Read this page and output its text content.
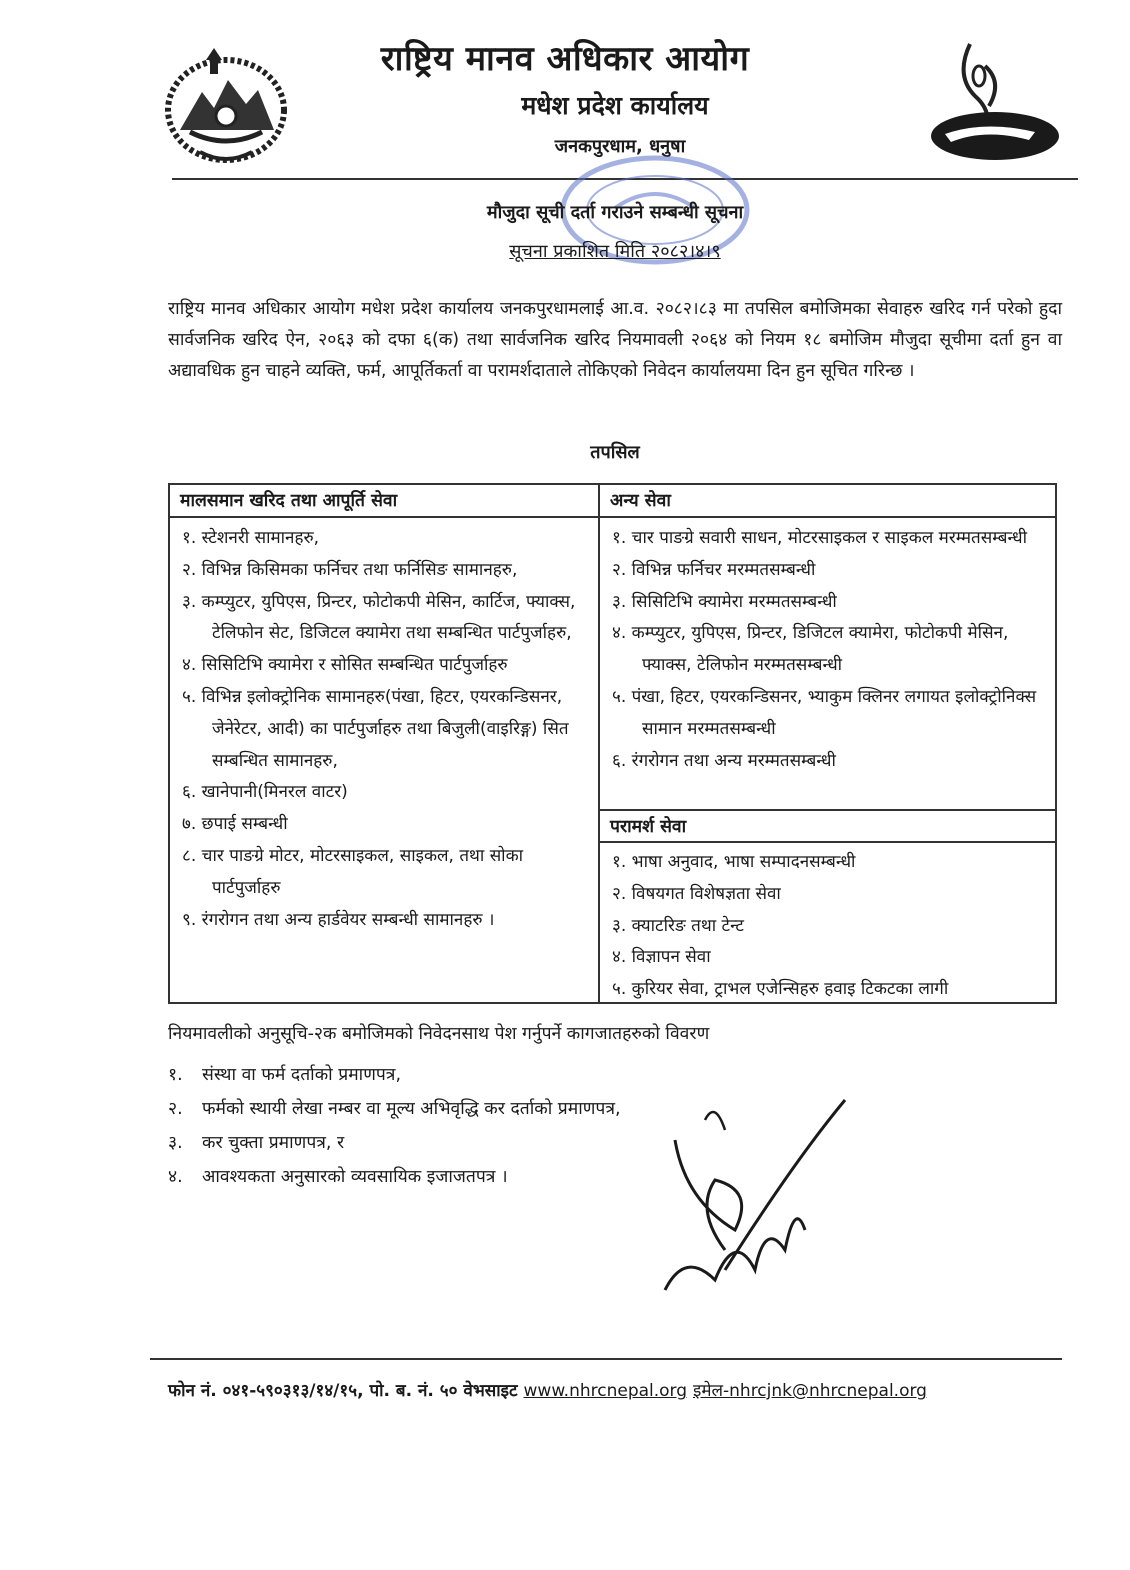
राष्ट्रिय मानव अधिकार आयोग
मधेश प्रदेश कार्यालय
जनकपुरधाम, धनुषा
मौजुदा सूची दर्ता गराउने सम्बन्धी सूचना
सूचना प्रकाशित मिति २०८२।४।९
राष्ट्रिय मानव अधिकार आयोग मधेश प्रदेश कार्यालय जनकपुरधामलाई आ.व. २०८२।८३ मा तपसिल बमोजिमका सेवाहरु खरिद गर्न परेको हुदा सार्वजनिक खरिद ऐन, २०६३ को दफा ६(क) तथा सार्वजनिक खरिद नियमावली २०६४ को नियम १८ बमोजिम मौजुदा सूचीमा दर्ता हुन वा अद्यावधिक हुन चाहने व्यक्ति, फर्म, आपूर्तिकर्ता वा परामर्शदाताले तोकिएको निवेदन कार्यालयमा दिन हुन सूचित गरिन्छ ।
तपसिल
मालसमान खरिद तथा आपूर्ति सेवा	अन्य सेवा
१. स्टेशनरी सामानहरु,
२. विभिन्न किसिमका फर्निचर तथा फर्निसिङ सामानहरु,
३. कम्प्युटर, युपिएस, प्रिन्टर, फोटोकपी मेसिन, कार्टिज, फ्याक्स, टेलिफोन सेट, डिजिटल क्यामेरा तथा सम्बन्धित पार्टपुर्जाहरु,
४. सिसिटिभि क्यामेरा र सोसित सम्बन्धित पार्टपुर्जाहरु
५. विभिन्न इलोक्ट्रोनिक सामानहरु(पंखा, हिटर, एयरकन्डिसनर, जेनेरेटर, आदी) का पार्टपुर्जाहरु तथा बिजुली(वाइरिङ्ग) सित सम्बन्धित सामानहरु,
६. खानेपानी(मिनरल वाटर)
७. छपाई सम्बन्धी
८. चार पाङग्रे मोटर, मोटरसाइकल, साइकल, तथा सोका पार्टपुर्जाहरु
९. रंगरोगन तथा अन्य हार्डवेयर सम्बन्धी सामानहरु ।
१. चार पाङग्रे सवारी साधन, मोटरसाइकल र साइकल मरम्मतसम्बन्धी
२. विभिन्न फर्निचर मरम्मतसम्बन्धी
३. सिसिटिभि क्यामेरा मरम्मतसम्बन्धी
४. कम्प्युटर, युपिएस, प्रिन्टर, डिजिटल क्यामेरा, फोटोकपी मेसिन, फ्याक्स, टेलिफोन मरम्मतसम्बन्धी
५. पंखा, हिटर, एयरकन्डिसनर, भ्याकुम क्लिनर लगायत इलोक्ट्रोनिक्स सामान मरम्मतसम्बन्धी
६. रंगरोगन तथा अन्य मरम्मतसम्बन्धी
परामर्श सेवा
१. भाषा अनुवाद, भाषा सम्पादनसम्बन्धी
२. विषयगत विशेषज्ञता सेवा
३. क्याटरिङ तथा टेन्ट
४. विज्ञापन सेवा
५. कुरियर सेवा, ट्राभल एजेन्सिहरु हवाइ टिकटका लागी
नियमावलीको अनुसूचि-२क बमोजिमको निवेदनसाथ पेश गर्नुपर्ने कागजातहरुको विवरण
१. संस्था वा फर्म दर्ताको प्रमाणपत्र,
२. फर्मको स्थायी लेखा नम्बर वा मूल्य अभिवृद्धि कर दर्ताको प्रमाणपत्र,
३. कर चुक्ता प्रमाणपत्र, र
४. आवश्यकता अनुसारको व्यवसायिक इजाजतपत्र ।
फोन नं. ०४१-५९०३१३/१४/१५, पो. ब. नं. ५० वेभसाइट www.nhrcnepal.org इमेल-nhrcjnk@nhrcnepal.org
